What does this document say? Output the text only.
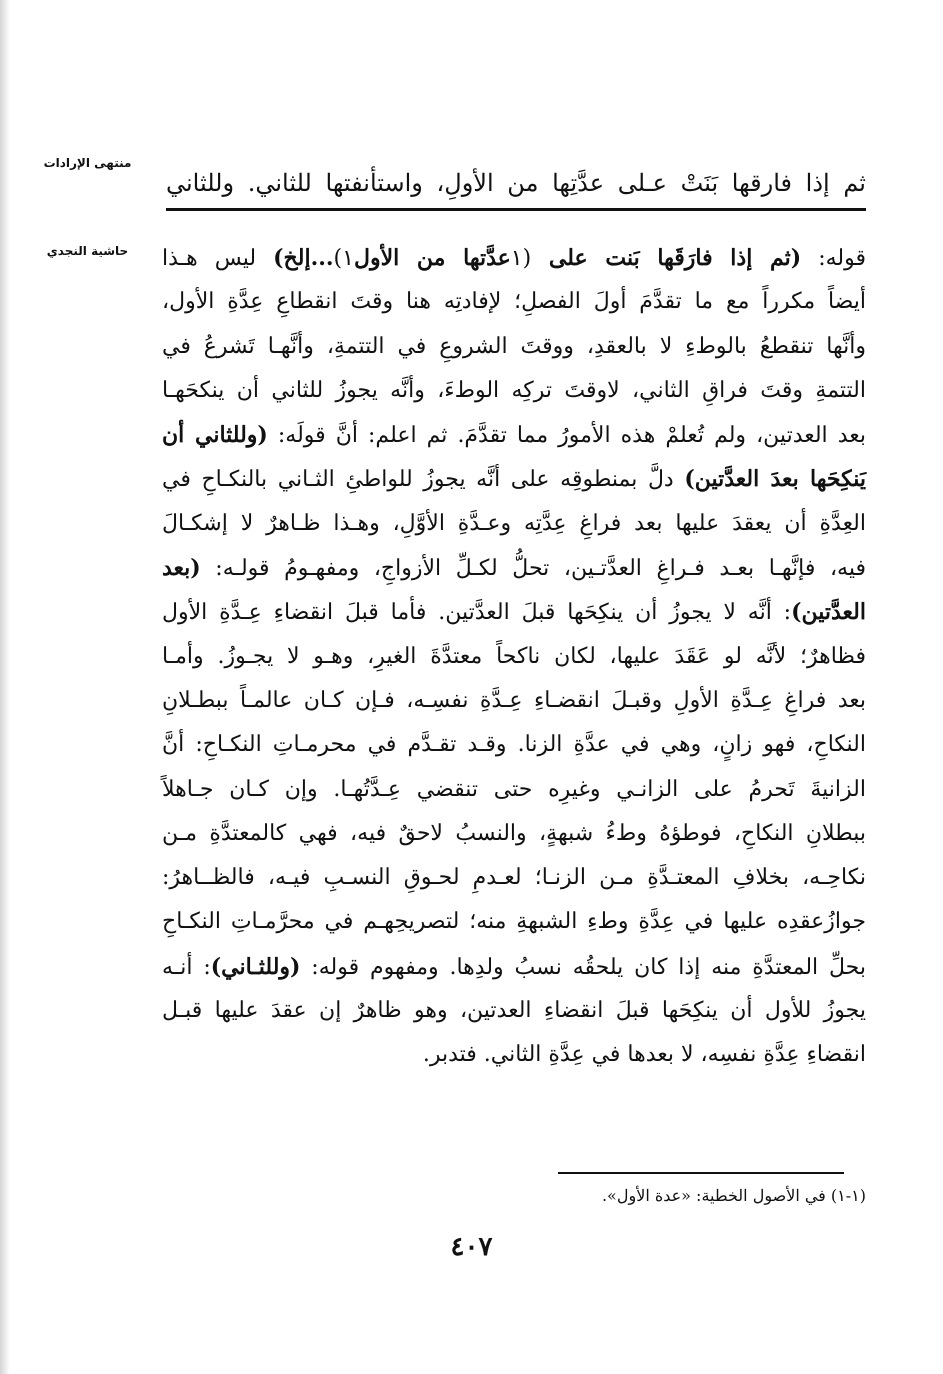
منتهى الإرادات
حاشية النجدي
ثم إذا فارقها بَنَتْ عـلى عدَّتِها من الأولِ، واستأنفتها للثاني. وللثاني
قوله: (ثم إذا فارَقَها بَنت على (١عدَّتها من الأول١)...إلخ) ليس هـذا
أيضاً مكرراً مع ما تقدَّمَ أولَ الفصلِ؛ لإفادتِه هنا وقتَ انقطاعِ عِدَّةِ الأول،
وأنَّها تنقطعُ بالوطءِ لا بالعقدِ، ووقتَ الشروعِ في التتمةِ، وأنَّهـا تَشرعُ في
التتمةِ وقتَ فراقِ الثاني، لاوقتَ تركِه الوطءَ، وأنَّه يجوزُ للثاني أن ينكحَهـا
بعد العدتين، ولم تُعلمْ هذه الأمورُ مما تقدَّمَ. ثم اعلم: أنَّ قولَه: (وللثاني أن
يَنكِحَها بعدَ العدَّتين) دلَّ بمنطوقِه على أنَّه يجوزُ للواطئِ الثـاني بالنكـاحِ في
العِدَّةِ أن يعقدَ عليها بعد فراغِ عِدَّتِه وعـدَّةِ الأوَّلِ، وهـذا ظـاهرٌ لا إشكـالَ
فيه، فإنَّهـا بعـد فـراغِ العدَّتـين، تحلُّ لكـلِّ الأزواجِ، ومفهـومُ قولـه: (بعد
العدَّتين): أنَّه لا يجوزُ أن ينكِحَها قبلَ العدَّتين. فأما قبلَ انقضاءِ عِـدَّةِ الأول
فظاهرٌ؛ لأنَّه لو عَقَدَ عليها، لكان ناكحاً معتدَّةَ الغيرِ، وهـو لا يجـوزُ. وأمـا
بعد فراغِ عِـدَّةِ الأولِ وقبـلَ انقضـاءِ عِـدَّةِ نفسِـه، فـإن كـان عالمـاً ببطـلانِ
النكاحِ، فهو زانٍ، وهي في عدَّةِ الزنا. وقـد تقـدَّم في محرمـاتِ النكـاحِ: أنَّ
الزانيةَ تَحرمُ على الزانـي وغيرِه حتى تنقضي عِـدَّتُهـا. وإن كـان جـاهلاً
ببطلانِ النكاحِ، فوطؤهُ وطءُ شبهةٍ، والنسبُ لاحقٌ فيه، فهي كالمعتدَّةِ مـن
نكاحِـه، بخلافِ المعتـدَّةِ مـن الزنـا؛ لعـدمِ لحـوقِ النسـبِ فيـه، فالظــاهرُ:
جوازُعقدِه عليها في عِدَّةِ وطءِ الشبهةِ منه؛ لتصريحِهـم في محرَّمـاتِ النكـاحِ
بحلِّ المعتدَّةِ منه إذا كان يلحقُه نسبُ ولدِها. ومفهوم قوله: (وللثـاني): أنـه
يجوزُ للأول أن ينكِحَها قبلَ انقضاءِ العدتين، وهو ظاهرٌ إن عقدَ عليها قبـل
انقضاءِ عِدَّةِ نفسِه، لا بعدها في عِدَّةِ الثاني. فتدبر.
(١-١) في الأصول الخطية: «عدة الأول».
٤٠٧
